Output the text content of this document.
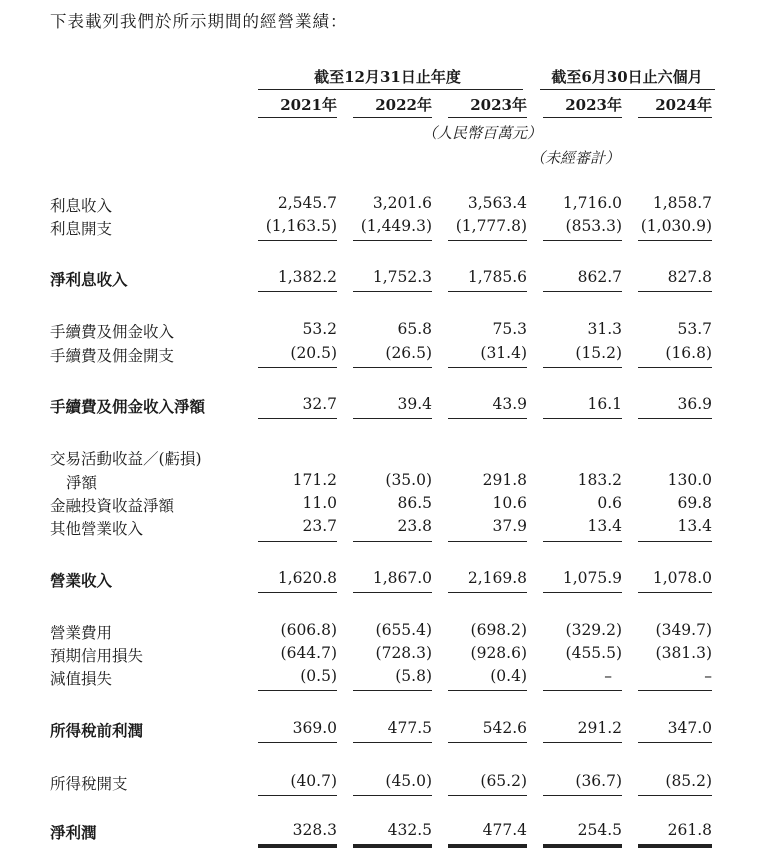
下表載列我們於所示期間的經營業績：
截至12月31日止年度	截至6月30日止六個月
2021年	2022年	2023年	2023年	2024年
（人民幣百萬元）
（未經審計）
利息收入	2,545.7	3,201.6	3,563.4	1,716.0	1,858.7
利息開支	(1,163.5)	(1,449.3)	(1,777.8)	(853.3)	(1,030.9)
淨利息收入	1,382.2	1,752.3	1,785.6	862.7	827.8
手續費及佣金收入	53.2	65.8	75.3	31.3	53.7
手續費及佣金開支	(20.5)	(26.5)	(31.4)	(15.2)	(16.8)
手續費及佣金收入淨額	32.7	39.4	43.9	16.1	36.9
交易活動收益／(虧損)
淨額	171.2	(35.0)	291.8	183.2	130.0
金融投資收益淨額	11.0	86.5	10.6	0.6	69.8
其他營業收入	23.7	23.8	37.9	13.4	13.4
營業收入	1,620.8	1,867.0	2,169.8	1,075.9	1,078.0
營業費用	(606.8)	(655.4)	(698.2)	(329.2)	(349.7)
預期信用損失	(644.7)	(728.3)	(928.6)	(455.5)	(381.3)
減值損失	(0.5)	(5.8)	(0.4)	–	–
所得稅前利潤	369.0	477.5	542.6	291.2	347.0
所得稅開支	(40.7)	(45.0)	(65.2)	(36.7)	(85.2)
淨利潤	328.3	432.5	477.4	254.5	261.8
